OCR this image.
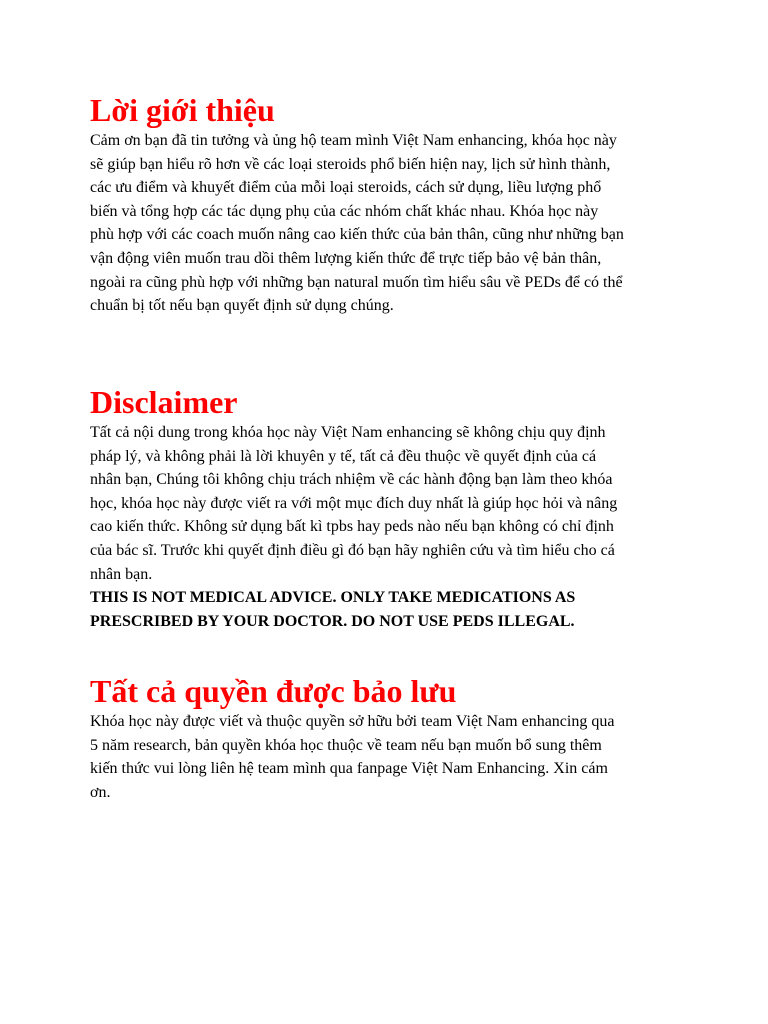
Lời giới thiệu

Cảm ơn bạn đã tin tưởng và ủng hộ team mình Việt Nam enhancing, khóa học này
sẽ giúp bạn hiểu rõ hơn về các loại steroids phổ biến hiện nay, lịch sử hình thành,
các ưu điểm và khuyết điểm của mỗi loại steroids, cách sử dụng, liều lượng phổ
biến và tổng hợp các tác dụng phụ của các nhóm chất khác nhau. Khóa học này
phù hợp với các coach muốn nâng cao kiến thức của bản thân, cũng như những bạn
vận động viên muốn trau dồi thêm lượng kiến thức để trực tiếp bảo vệ bản thân,
ngoài ra cũng phù hợp với những bạn natural muốn tìm hiểu sâu về PEDs để có thể
chuẩn bị tốt nếu bạn quyết định sử dụng chúng.

Disclaimer

Tất cả nội dung trong khóa học này Việt Nam enhancing sẽ không chịu quy định
pháp lý, và không phải là lời khuyên y tế, tất cả đều thuộc về quyết định của cá
nhân bạn, Chúng tôi không chịu trách nhiệm về các hành động bạn làm theo khóa
học, khóa học này được viết ra với một mục đích duy nhất là giúp học hỏi và nâng
cao kiến thức. Không sử dụng bất kì tpbs hay peds nào nếu bạn không có chỉ định
của bác sĩ. Trước khi quyết định điều gì đó bạn hãy nghiên cứu và tìm hiểu cho cá
nhân bạn.

THIS IS NOT MEDICAL ADVICE. ONLY TAKE MEDICATIONS AS
PRESCRIBED BY YOUR DOCTOR. DO NOT USE PEDS ILLEGAL.

Tất cả quyền được bảo lưu

Khóa học này được viết và thuộc quyền sở hữu bởi team Việt Nam enhancing qua
5 năm research, bản quyền khóa học thuộc về team nếu bạn muốn bổ sung thêm
kiến thức vui lòng liên hệ team mình qua fanpage Việt Nam Enhancing. Xin cám
ơn.
